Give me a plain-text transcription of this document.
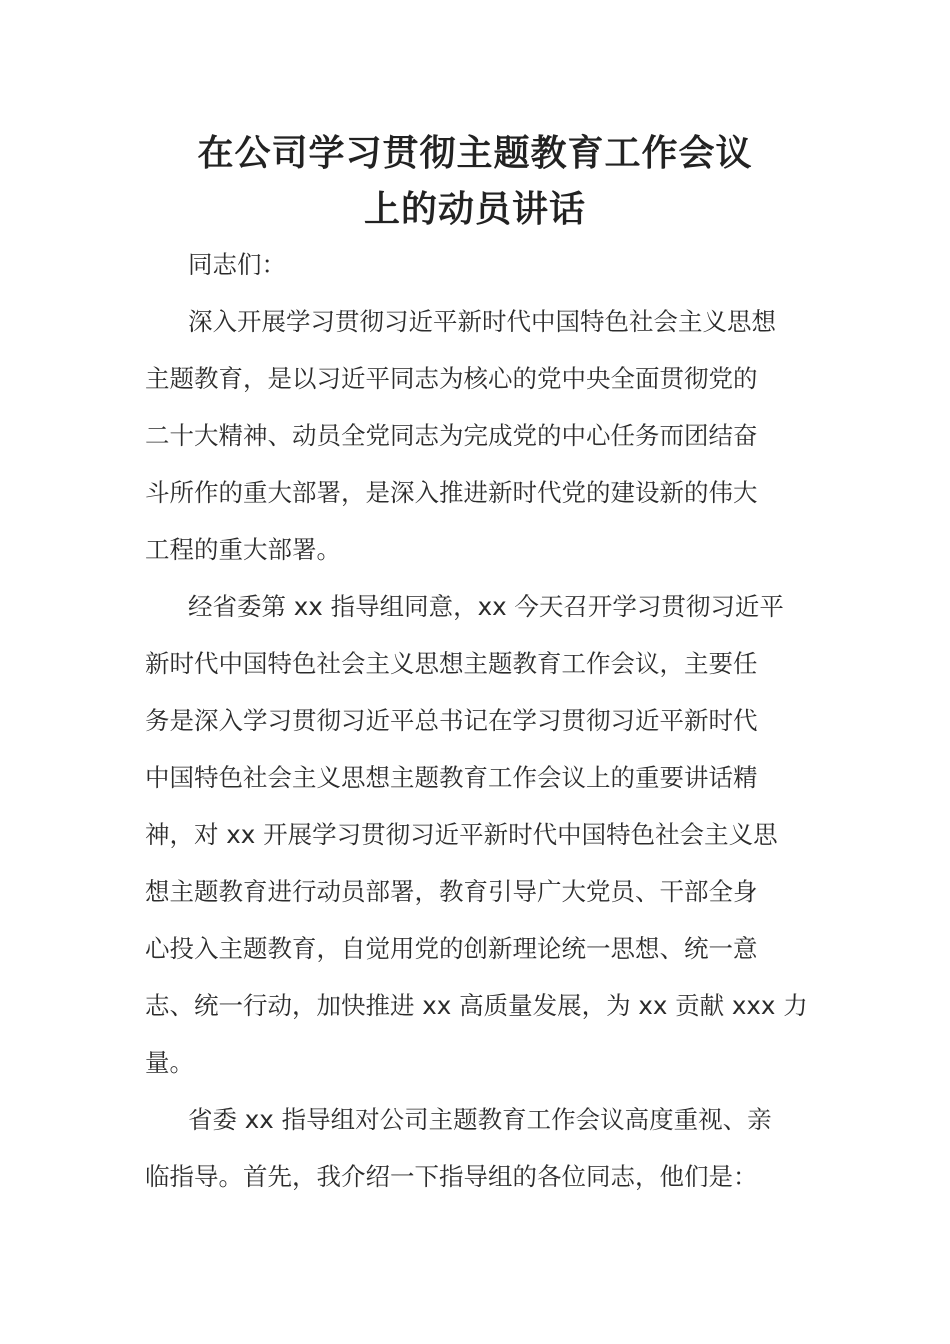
在公司学习贯彻主题教育工作会议
上的动员讲话
同志们：
深入开展学习贯彻习近平新时代中国特色社会主义思想
主题教育，是以习近平同志为核心的党中央全面贯彻党的
二十大精神、动员全党同志为完成党的中心任务而团结奋
斗所作的重大部署，是深入推进新时代党的建设新的伟大
工程的重大部署。
经省委第 xx 指导组同意，xx 今天召开学习贯彻习近平
新时代中国特色社会主义思想主题教育工作会议，主要任
务是深入学习贯彻习近平总书记在学习贯彻习近平新时代
中国特色社会主义思想主题教育工作会议上的重要讲话精
神，对 xx 开展学习贯彻习近平新时代中国特色社会主义思
想主题教育进行动员部署，教育引导广大党员、干部全身
心投入主题教育，自觉用党的创新理论统一思想、统一意
志、统一行动，加快推进 xx 高质量发展，为 xx 贡献 xxx 力
量。
省委 xx 指导组对公司主题教育工作会议高度重视、亲
临指导。首先，我介绍一下指导组的各位同志，他们是：
